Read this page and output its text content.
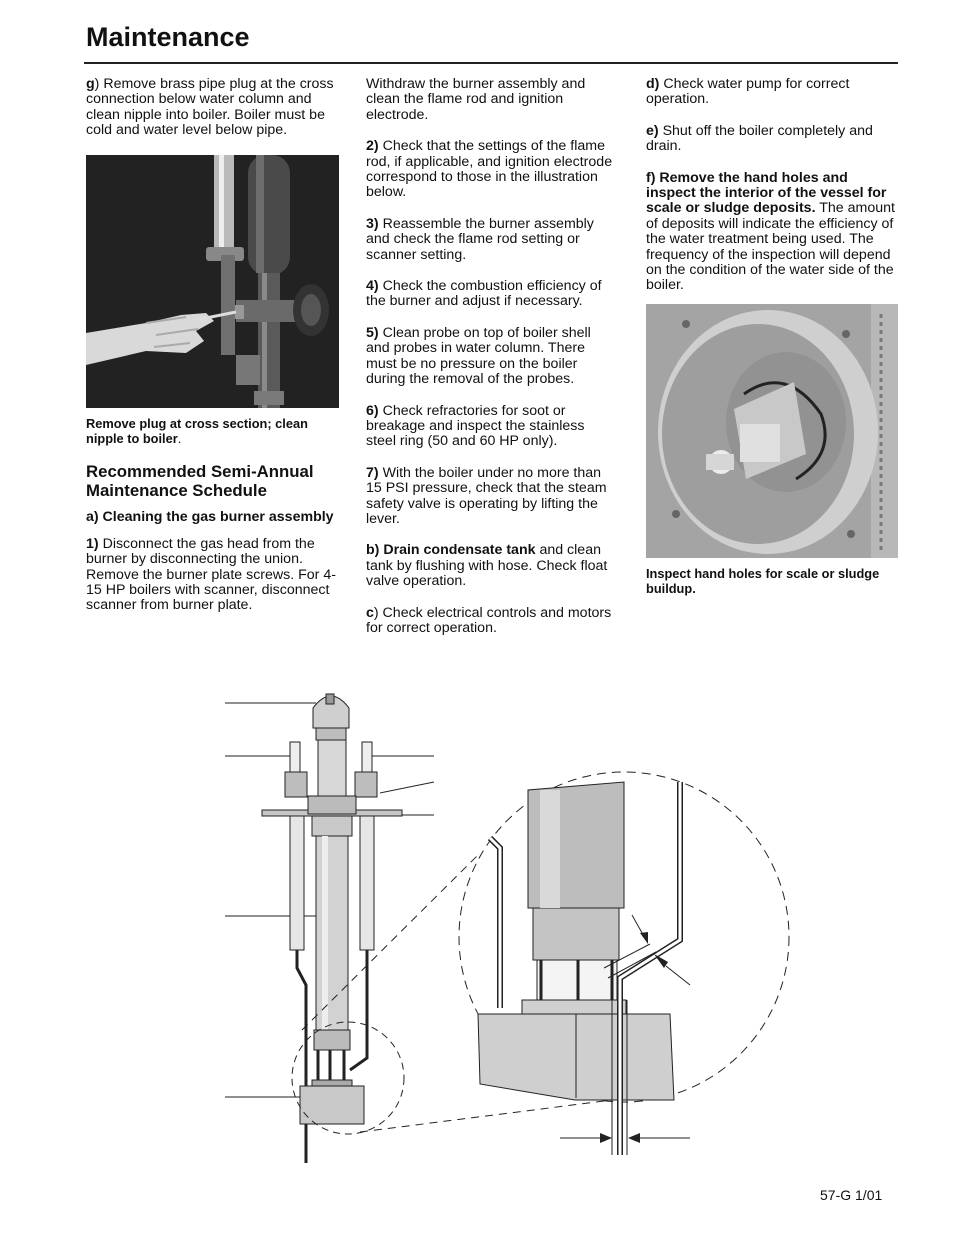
Maintenance

g) Remove brass pipe plug at the cross connection below water column and clean nipple into boiler. Boiler must be cold and water level below pipe.

Remove plug at cross section; clean nipple to boiler.

Recommended Semi-Annual Maintenance Schedule

a) Cleaning the gas burner assembly

1) Disconnect the gas head from the burner by disconnecting the union. Remove the burner plate screws. For 4-15 HP boilers with scanner, disconnect scanner from burner plate.

Withdraw the burner assembly and clean the flame rod and ignition electrode.

2) Check that the settings of the flame rod, if applicable, and ignition electrode correspond to those in the illustration below.

3) Reassemble the burner assembly and check the flame rod setting or scanner setting.

4) Check the combustion efficiency of the burner and adjust if necessary.

5) Clean probe on top of boiler shell and probes in water column. There must be no pressure on the boiler during the removal of the probes.

6) Check refractories for soot or breakage and inspect the stainless steel ring (50 and 60 HP only).

7) With the boiler under no more than 15 PSI pressure, check that the steam safety valve is operating by lifting the lever.

b) Drain condensate tank and clean tank by flushing with hose. Check float valve operation.

c) Check electrical controls and motors for correct operation.

d) Check water pump for correct operation.

e) Shut off the boiler completely and drain.

f) Remove the hand holes and inspect the interior of the vessel for scale or sludge deposits. The amount of deposits will indicate the efficiency of the water treatment being used. The frequency of the inspection will depend on the condition of the water side of the boiler.

Inspect hand holes for scale or sludge buildup.

57-G 1/01
